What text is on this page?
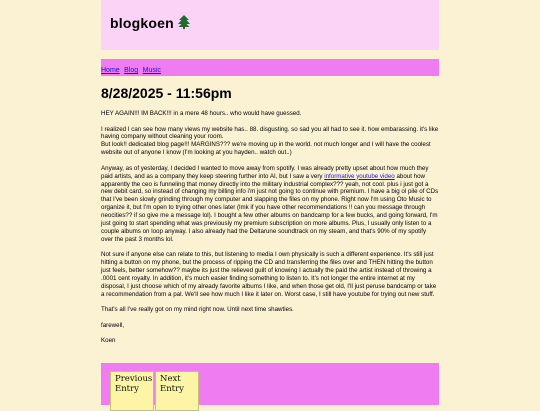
blogkoen
Home Blog Music
8/28/2025 - 11:56pm

HEY AGAIN!!! IM BACK!!! in a mere 48 hours.. who would have guessed.

I realized I can see how many views my website has.. 88. disgusting. so sad you all had to see it. how embarassing. it's like having company without cleaning your room.
But look!! dedicated blog page!!! MARGINS??? we're moving up in the world. not much longer and I will have the coolest website out of anyone I know (I'm looking at you hayden.. watch out..)

Anyway, as of yesterday, I decided I wanted to move away from spotify. I was already pretty upset about how much they paid artists, and as a company they keep steering further into AI, but I saw a very informative youtube video about how apparently the ceo is funneling that money directly into the military industrial complex??? yeah, not cool. plus i just got a new debit card, so instead of changing my billing info i'm just not going to continue with premium. I have a big ol pile of CDs that I've been slowly grinding through my computer and slapping the files on my phone. Right now I'm using Oto Music to organize it, but I'm open to trying other ones later (lmk if you have other recommendations !! can you message through neocities?? if so give me a message lol). I bought a few other albums on bandcamp for a few bucks, and going forward, I'm just going to start spending what was previously my premium subscription on more albums. Plus, I usually only listen to a couple albums on loop anyway. I also already had the Deltarune soundtrack on my steam, and that's 90% of my spotify over the past 3 months lol.

Not sure if anyone else can relate to this, but listening to media I own physically is such a different experience. It's still just hitting a button on my phone, but the process of ripping the CD and transferring the files over and THEN hitting the button just feels, better somehow?? maybe its just the relieved guilt of knowing I actually the paid the artist instead of throwing a .0001 cent royalty. In addition, it's much easier finding something to listen to. It's not longer the entire internet at my disposal, I just choose which of my already favorite albums I like, and when those get old, I'll just peruse bandcamp or take a recommendation from a pal. We'll see how much I like it later on. Worst case, I still have youtube for trying out new stuff.

That's all I've really got on my mind right now. Until next time shawties.

farewell,

Koen

Previous Entry
Next Entry
